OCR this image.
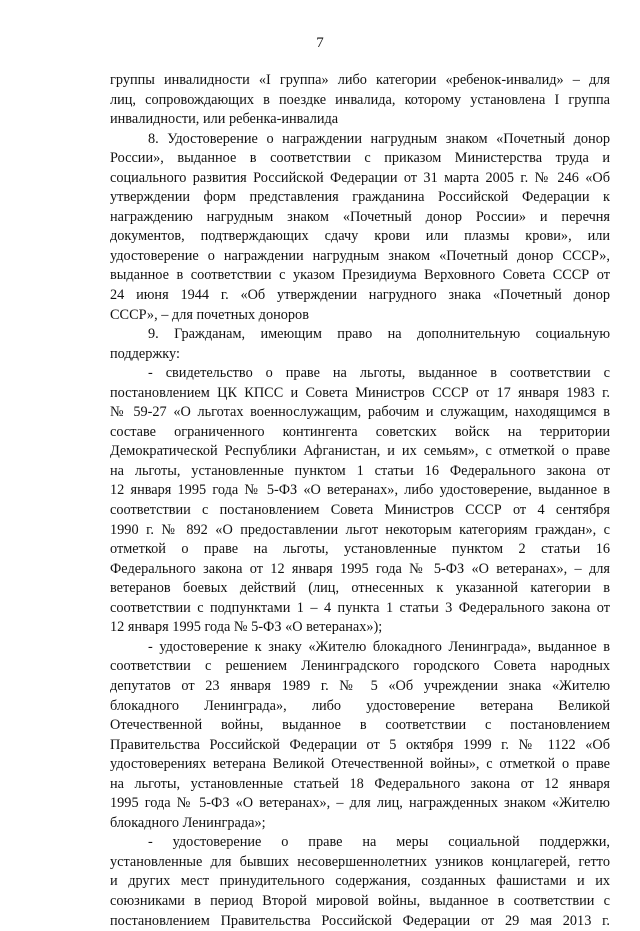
7

группы инвалидности «I группа» либо категории «ребенок-инвалид» – для

лиц, сопровождающих в поездке инвалида, которому установлена I группа

инвалидности, или ребенка-инвалида

8. Удостоверение о награждении нагрудным знаком «Почетный донор

России», выданное в соответствии с приказом Министерства труда и

социального развития Российской Федерации от 31 марта 2005 г. № 246 «Об

утверждении форм представления гражданина Российской Федерации к

награждению нагрудным знаком «Почетный донор России» и перечня

документов, подтверждающих сдачу крови или плазмы крови», или

удостоверение о награждении нагрудным знаком «Почетный донор СССР»,

выданное в соответствии с указом Президиума Верховного Совета СССР от

24 июня 1944 г. «Об утверждении нагрудного знака «Почетный донор

СССР», – для почетных доноров

9. Гражданам, имеющим право на дополнительную социальную

поддержку:

- свидетельство о праве на льготы, выданное в соответствии с

постановлением ЦК КПСС и Совета Министров СССР от 17 января 1983 г.

№ 59-27 «О льготах военнослужащим, рабочим и служащим, находящимся в

составе ограниченного контингента советских войск на территории

Демократической Республики Афганистан, и их семьям», с отметкой о праве

на льготы, установленные пунктом 1 статьи 16 Федерального закона от

12 января 1995 года № 5-ФЗ «О ветеранах», либо удостоверение, выданное в

соответствии с постановлением Совета Министров СССР от 4 сентября

1990 г. № 892 «О предоставлении льгот некоторым категориям граждан», с

отметкой о праве на льготы, установленные пунктом 2 статьи 16

Федерального закона от 12 января 1995 года № 5-ФЗ «О ветеранах», – для

ветеранов боевых действий (лиц, отнесенных к указанной категории в

соответствии с подпунктами 1 – 4 пункта 1 статьи 3 Федерального закона от

12 января 1995 года № 5-ФЗ «О ветеранах»);

- удостоверение к знаку «Жителю блокадного Ленинграда», выданное в

соответствии с решением Ленинградского городского Совета народных

депутатов от 23 января 1989 г. № 5 «Об учреждении знака «Жителю

блокадного Ленинграда», либо удостоверение ветерана Великой

Отечественной войны, выданное в соответствии с постановлением

Правительства Российской Федерации от 5 октября 1999 г. № 1122 «Об

удостоверениях ветерана Великой Отечественной войны», с отметкой о праве

на льготы, установленные статьей 18 Федерального закона от 12 января

1995 года № 5-ФЗ «О ветеранах», – для лиц, награжденных знаком «Жителю

блокадного Ленинграда»;

- удостоверение о праве на меры социальной поддержки,

установленные для бывших несовершеннолетних узников концлагерей, гетто

и других мест принудительного содержания, созданных фашистами и их

союзниками в период Второй мировой войны, выданное в соответствии с

постановлением Правительства Российской Федерации от 29 мая 2013 г.
